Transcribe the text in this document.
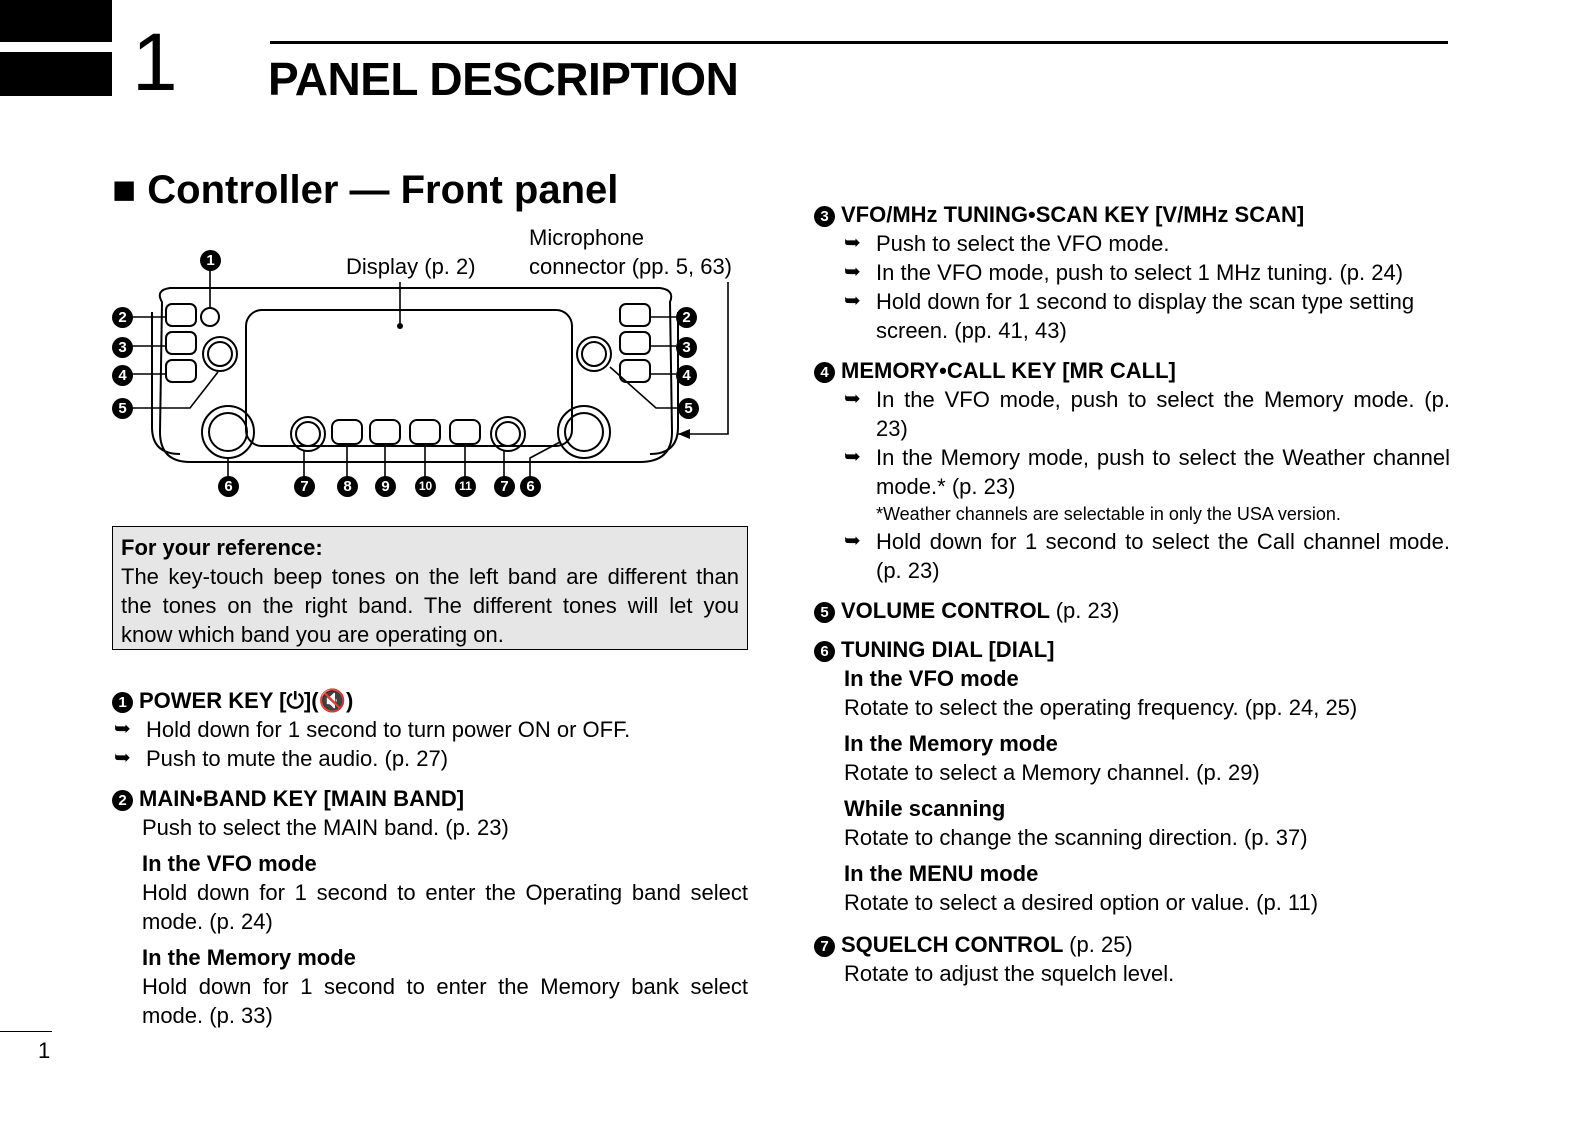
1 PANEL DESCRIPTION
■ Controller — Front panel
1
2
3
4
5
2
3
4
5
6	7	8	9	10	11	7	6
Display (p. 2)
Microphone
connector (pp. 5, 63)
For your reference:
The key-touch beep tones on the left band are different than the tones on the right band. The different tones will let you know which band you are operating on.
1 POWER KEY [⏻](🔇)
➥ Hold down for 1 second to turn power ON or OFF.
➥ Push to mute the audio. (p. 27)
2 MAIN•BAND KEY [MAIN BAND]
Push to select the MAIN band. (p. 23)
In the VFO mode
Hold down for 1 second to enter the Operating band select mode. (p. 24)
In the Memory mode
Hold down for 1 second to enter the Memory bank select mode. (p. 33)
3 VFO/MHz TUNING•SCAN KEY [V/MHz SCAN]
➥ Push to select the VFO mode.
➥ In the VFO mode, push to select 1 MHz tuning. (p. 24)
➥ Hold down for 1 second to display the scan type setting screen. (pp. 41, 43)
4 MEMORY•CALL KEY [MR CALL]
➥ In the VFO mode, push to select the Memory mode. (p. 23)
➥ In the Memory mode, push to select the Weather channel mode.* (p. 23)
*Weather channels are selectable in only the USA version.
➥ Hold down for 1 second to select the Call channel mode. (p. 23)
5 VOLUME CONTROL (p. 23)
6 TUNING DIAL [DIAL]
In the VFO mode
Rotate to select the operating frequency. (pp. 24, 25)
In the Memory mode
Rotate to select a Memory channel. (p. 29)
While scanning
Rotate to change the scanning direction. (p. 37)
In the MENU mode
Rotate to select a desired option or value. (p. 11)
7 SQUELCH CONTROL (p. 25)
Rotate to adjust the squelch level.
1
